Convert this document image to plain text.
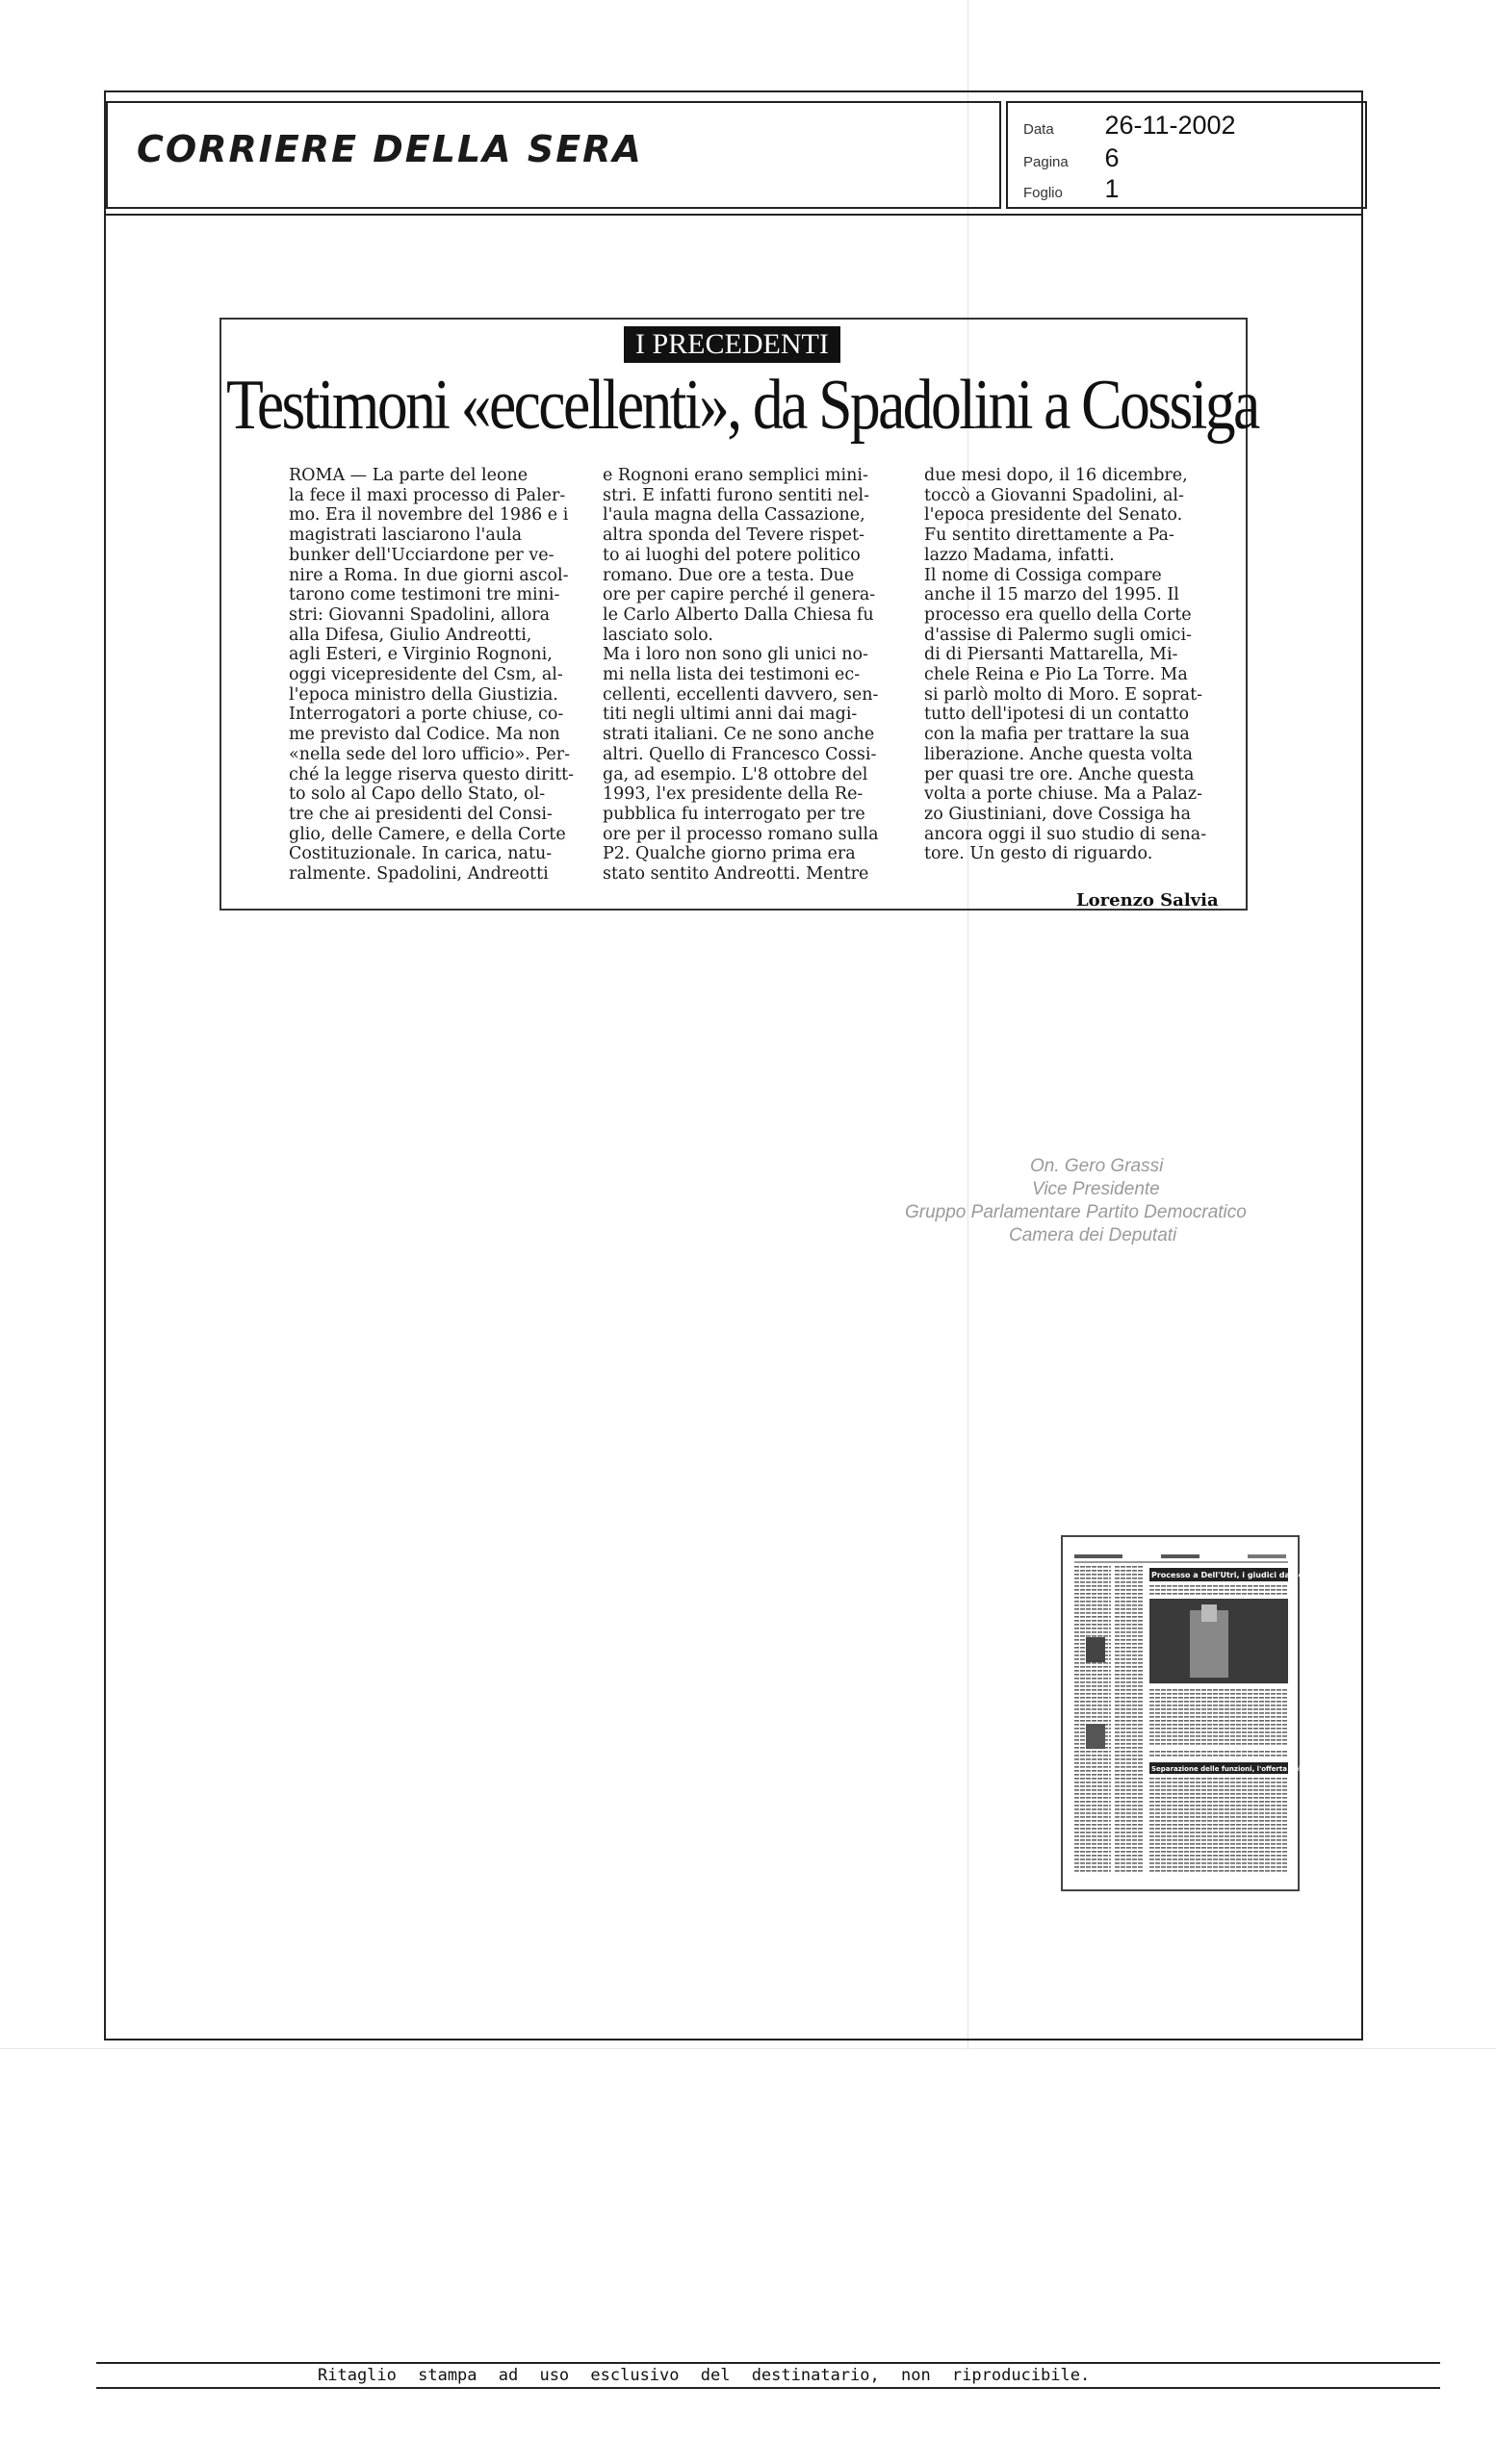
CORRIERE DELLA SERA	Data 26-11-2002
Pagina 6
Foglio 1
I PRECEDENTI
Testimoni «eccellenti», da Spadolini a Cossiga
ROMA — La parte del leone
la fece il maxi processo di Paler-
mo. Era il novembre del 1986 e i
magistrati lasciarono l'aula
bunker dell'Ucciardone per ve-
nire a Roma. In due giorni ascol-
tarono come testimoni tre mini-
stri: Giovanni Spadolini, allora
alla Difesa, Giulio Andreotti,
agli Esteri, e Virginio Rognoni,
oggi vicepresidente del Csm, al-
l'epoca ministro della Giustizia.
Interrogatori a porte chiuse, co-
me previsto dal Codice. Ma non
«nella sede del loro ufficio». Per-
ché la legge riserva questo diritt-
to solo al Capo dello Stato, ol-
tre che ai presidenti del Consi-
glio, delle Camere, e della Corte
Costituzionale. In carica, natu-
ralmente. Spadolini, Andreotti
e Rognoni erano semplici mini-
stri. E infatti furono sentiti nel-
l'aula magna della Cassazione,
altra sponda del Tevere rispet-
to ai luoghi del potere politico
romano. Due ore a testa. Due
ore per capire perché il genera-
le Carlo Alberto Dalla Chiesa fu
lasciato solo.
Ma i loro non sono gli unici no-
mi nella lista dei testimoni ec-
cellenti, eccellenti davvero, sen-
titi negli ultimi anni dai magi-
strati italiani. Ce ne sono anche
altri. Quello di Francesco Cossi-
ga, ad esempio. L'8 ottobre del
1993, l'ex presidente della Re-
pubblica fu interrogato per tre
ore per il processo romano sulla
P2. Qualche giorno prima era
stato sentito Andreotti. Mentre
due mesi dopo, il 16 dicembre,
toccò a Giovanni Spadolini, al-
l'epoca presidente del Senato.
Fu sentito direttamente a Pa-
lazzo Madama, infatti.
Il nome di Cossiga compare
anche il 15 marzo del 1995. Il
processo era quello della Corte
d'assise di Palermo sugli omici-
di di Piersanti Mattarella, Mi-
chele Reina e Pio La Torre. Ma
si parlò molto di Moro. E soprat-
tutto dell'ipotesi di un contatto
con la mafia per trattare la sua
liberazione. Anche questa volta
per quasi tre ore. Anche questa
volta a porte chiuse. Ma a Palaz-
zo Giustiniani, dove Cossiga ha
ancora oggi il suo studio di sena-
tore. Un gesto di riguardo.
Lorenzo Salvia
On. Gero Grassi
Vice Presidente
Gruppo Parlamentare Partito Democratico
Camera dei Deputati
Processo a Dell'Utri, i giudici da Berlusconi
Separazione delle funzioni, l'offerta del Ds
Ritaglio stampa ad uso esclusivo del destinatario, non riproducibile.
